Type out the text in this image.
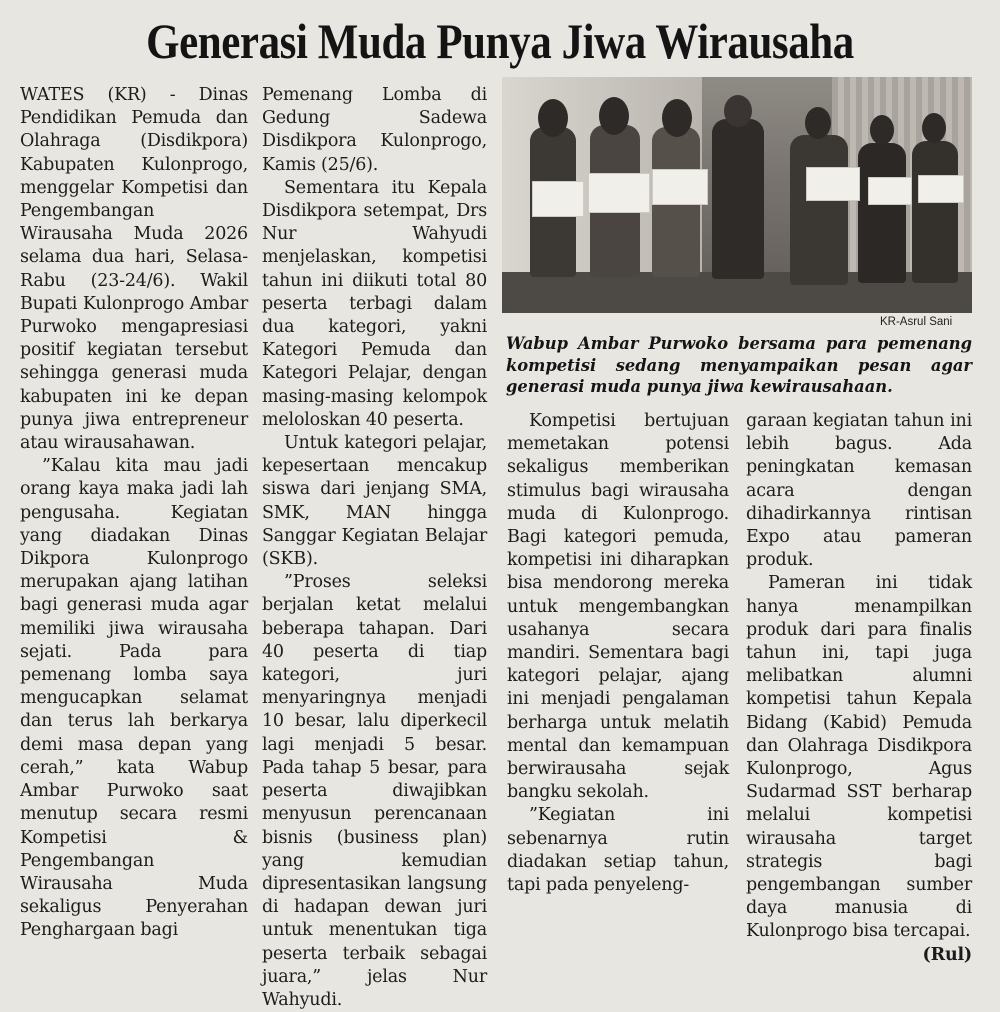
Generasi Muda Punya Jiwa Wirausaha

WATES (KR) - Dinas Pendidikan Pemuda dan Olahraga (Disdikpora) Kabupaten Kulonprogo, menggelar Kompetisi dan Pengembangan Wirausaha Muda 2026 selama dua hari, Selasa-Rabu (23-24/6). Wakil Bupati Kulonprogo Ambar Purwoko mengapresiasi positif kegiatan tersebut sehingga generasi muda kabupaten ini ke depan punya jiwa entrepreneur atau wirausahawan.

”Kalau kita mau jadi orang kaya maka jadi lah pengusaha. Kegiatan yang diadakan Dinas Dikpora Kulonprogo merupakan ajang latihan bagi generasi muda agar memiliki jiwa wirausaha sejati. Pada para pemenang lomba saya mengucapkan selamat dan terus lah berkarya demi masa depan yang cerah,” kata Wabup Ambar Purwoko saat menutup secara resmi Kompetisi & Pengembangan Wirausaha Muda sekaligus Penyerahan Penghargaan bagi

Pemenang Lomba di Gedung Sadewa Disdikpora Kulonprogo, Kamis (25/6).

Sementara itu Kepala Disdikpora setempat, Drs Nur Wahyudi menjelaskan, kompetisi tahun ini diikuti total 80 peserta terbagi dalam dua kategori, yakni Kategori Pemuda dan Kategori Pelajar, dengan masing-masing kelompok meloloskan 40 peserta.

Untuk kategori pelajar, kepesertaan mencakup siswa dari jenjang SMA, SMK, MAN hingga Sanggar Kegiatan Belajar (SKB).

”Proses seleksi berjalan ketat melalui beberapa tahapan. Dari 40 peserta di tiap kategori, juri menyaringnya menjadi 10 besar, lalu diperkecil lagi menjadi 5 besar. Pada tahap 5 besar, para peserta diwajibkan menyusun perencanaan bisnis (business plan) yang kemudian dipresentasikan langsung di hadapan dewan juri untuk menentukan tiga peserta terbaik sebagai juara,” jelas Nur Wahyudi.

KR-Asrul Sani
Wabup Ambar Purwoko bersama para pemenang kompetisi sedang menyampaikan pesan agar generasi muda punya jiwa kewirausahaan.

Kompetisi bertujuan memetakan potensi sekaligus memberikan stimulus bagi wirausaha muda di Kulonprogo. Bagi kategori pemuda, kompetisi ini diharapkan bisa mendorong mereka untuk mengembangkan usahanya secara mandiri. Sementara bagi kategori pelajar, ajang ini menjadi pengalaman berharga untuk melatih mental dan kemampuan berwirausaha sejak bangku sekolah.

”Kegiatan ini sebenarnya rutin diadakan setiap tahun, tapi pada penyeleng-

garaan kegiatan tahun ini lebih bagus. Ada peningkatan kemasan acara dengan dihadirkannya rintisan Expo atau pameran produk.

Pameran ini tidak hanya menampilkan produk dari para finalis tahun ini, tapi juga melibatkan alumni kompetisi tahun Kepala Bidang (Kabid) Pemuda dan Olahraga Disdikpora Kulonprogo, Agus Sudarmad SST berharap melalui kompetisi wirausaha target strategis bagi pengembangan sumber daya manusia di Kulonprogo bisa tercapai.
(Rul)
